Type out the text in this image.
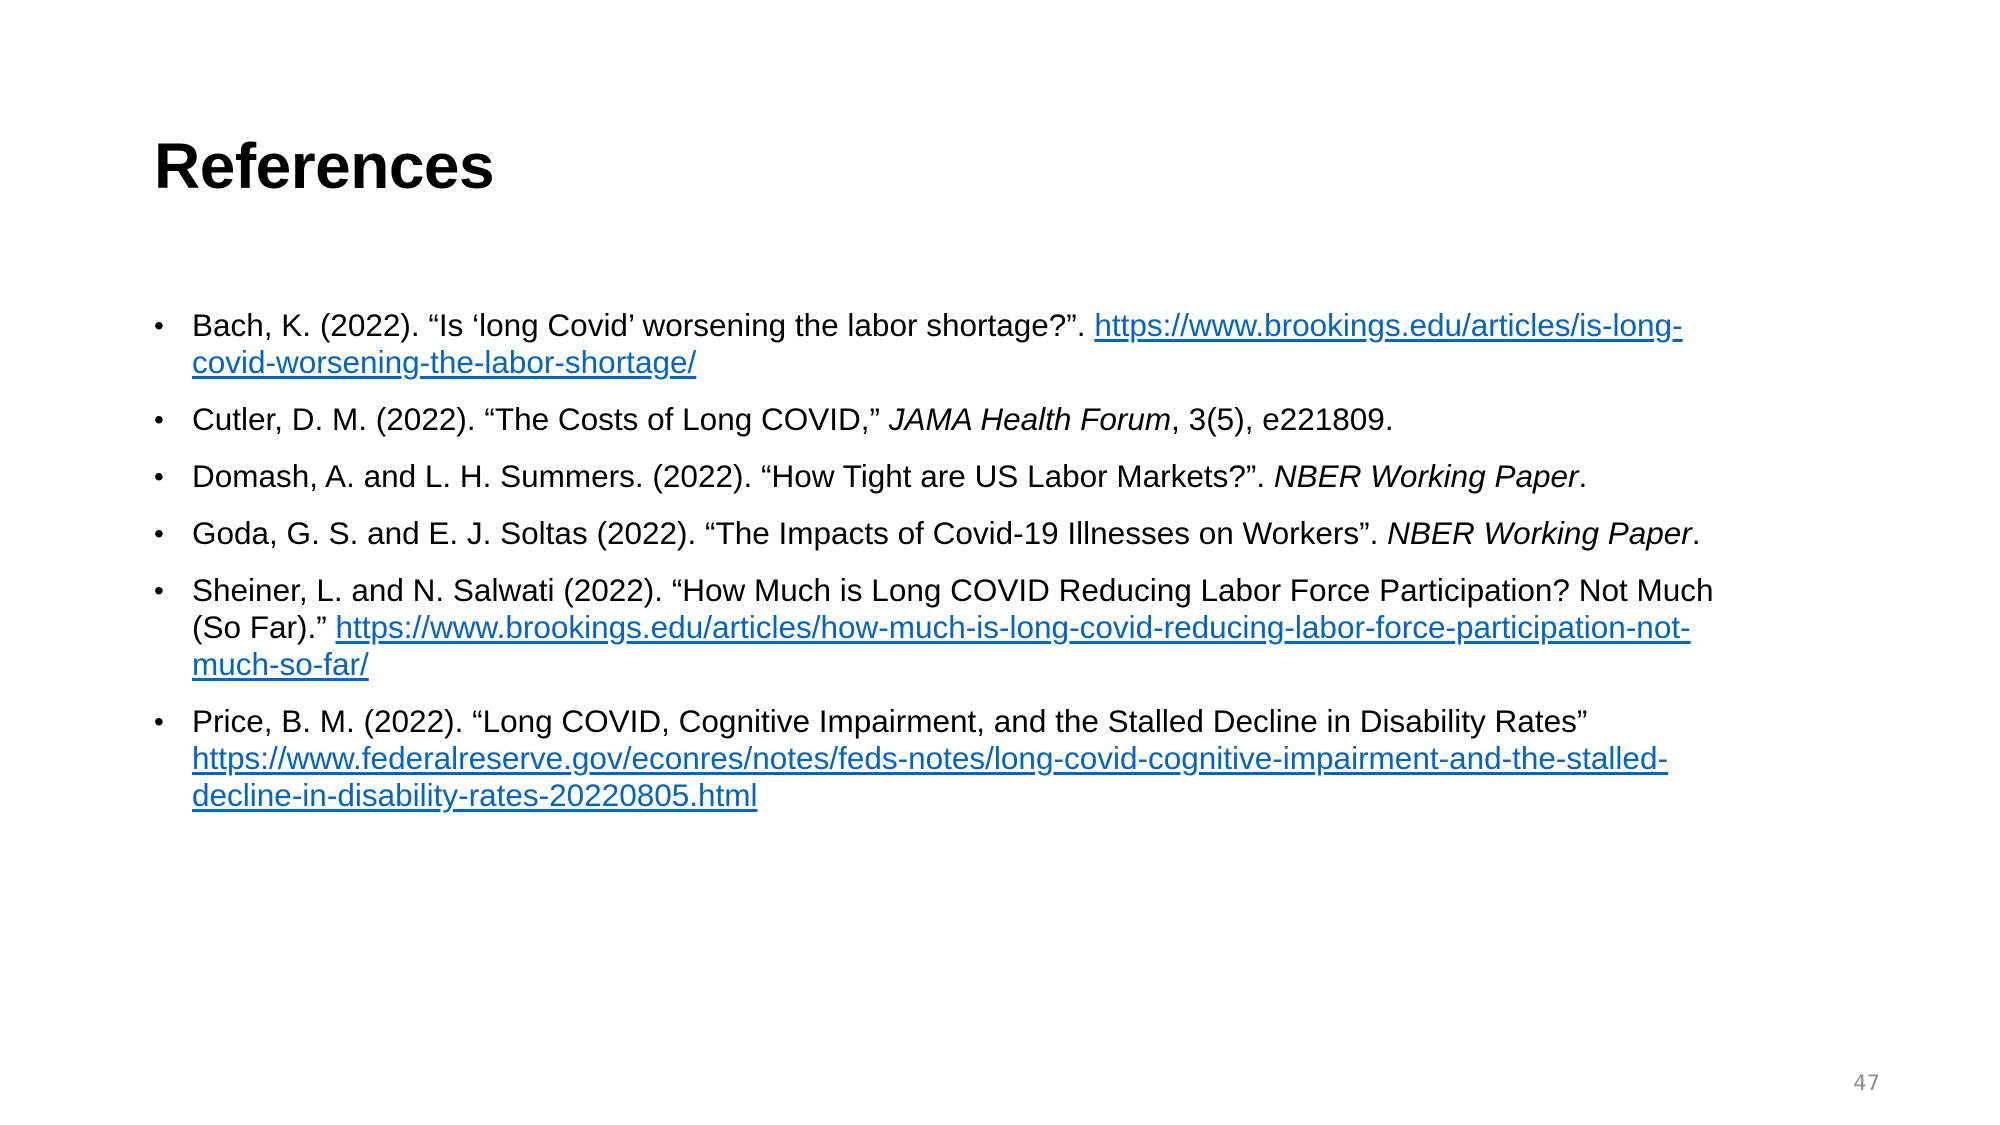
References
• Bach, K. (2022). “Is ‘long Covid’ worsening the labor shortage?”. https://www.brookings.edu/articles/is-long-
covid-worsening-the-labor-shortage/
• Cutler, D. M. (2022). “The Costs of Long COVID,” JAMA Health Forum, 3(5), e221809.
• Domash, A. and L. H. Summers. (2022). “How Tight are US Labor Markets?”. NBER Working Paper.
• Goda, G. S. and E. J. Soltas (2022). “The Impacts of Covid-19 Illnesses on Workers”. NBER Working Paper.
• Sheiner, L. and N. Salwati (2022). “How Much is Long COVID Reducing Labor Force Participation? Not Much
(So Far).” https://www.brookings.edu/articles/how-much-is-long-covid-reducing-labor-force-participation-not-
much-so-far/
• Price, B. M. (2022). “Long COVID, Cognitive Impairment, and the Stalled Decline in Disability Rates”
https://www.federalreserve.gov/econres/notes/feds-notes/long-covid-cognitive-impairment-and-the-stalled-
decline-in-disability-rates-20220805.html
47
